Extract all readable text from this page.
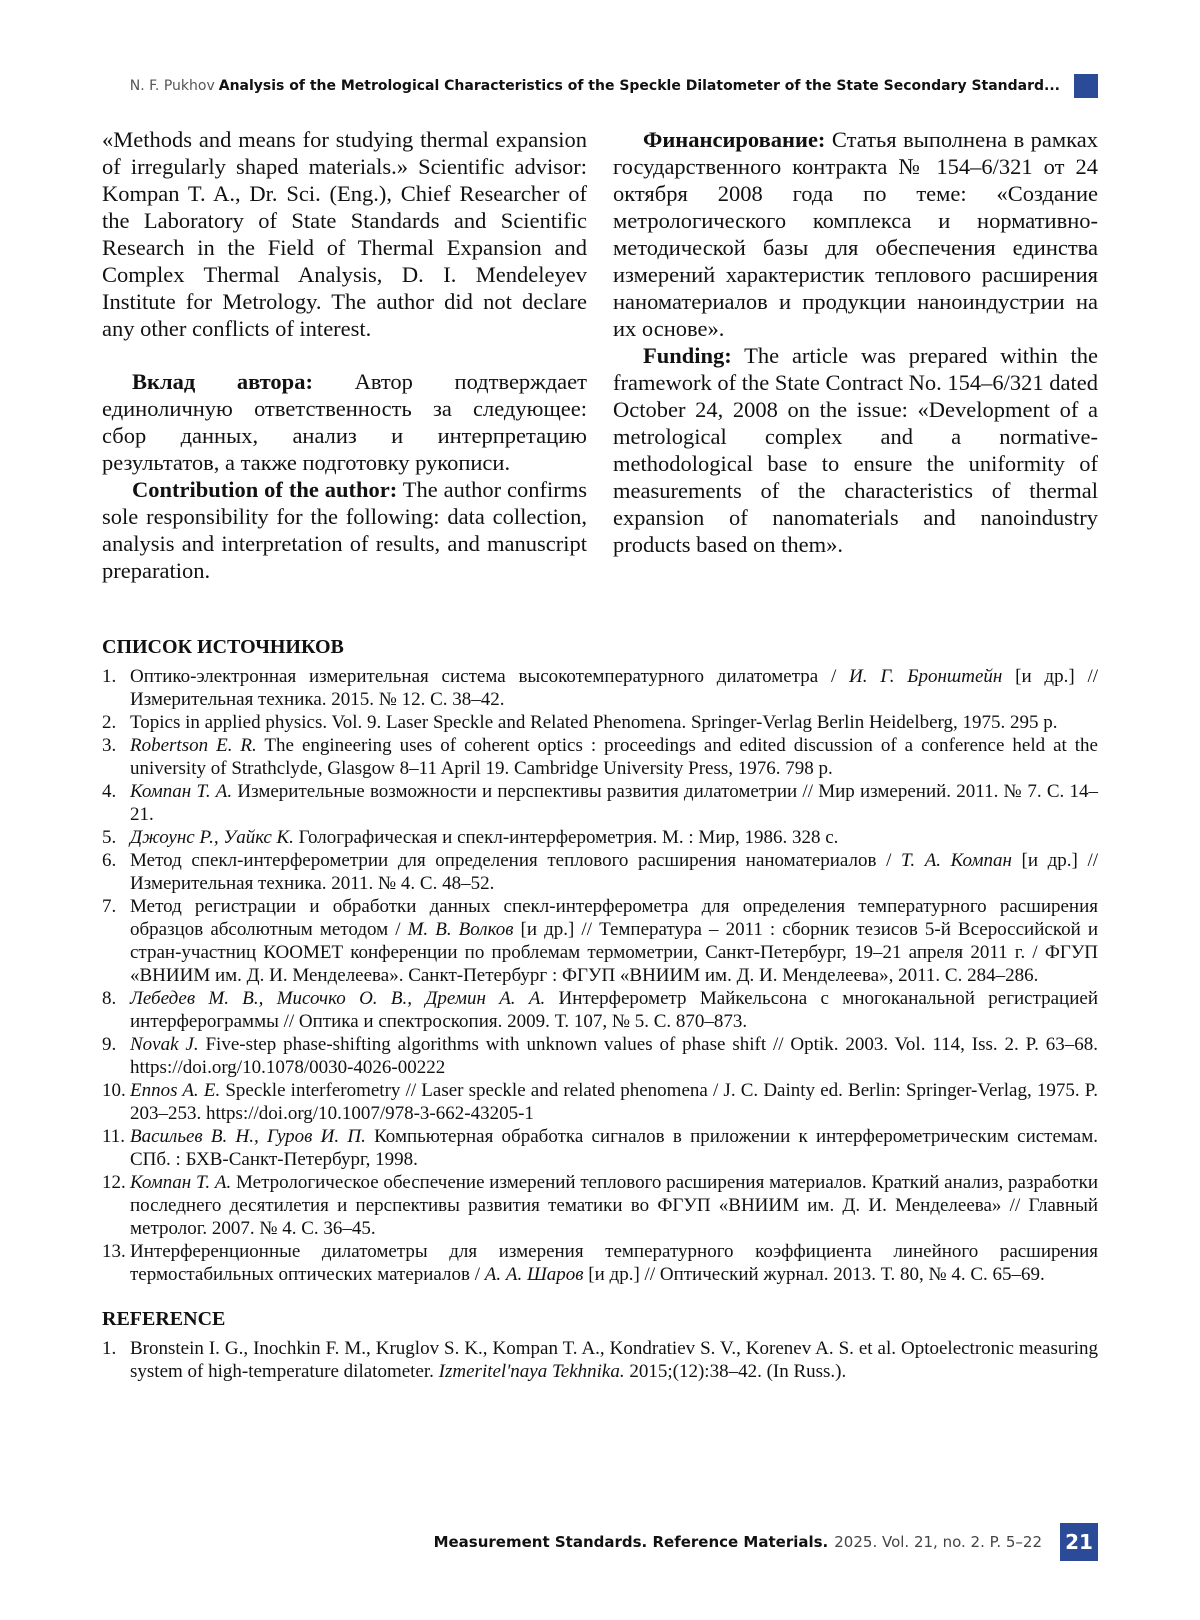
N. F. Pukhov Analysis of the Metrological Characteristics of the Speckle Dilatometer of the State Secondary Standard...

«Methods and means for studying thermal expansion of irregularly shaped materials.» Scientific advisor: Kompan T. A., Dr. Sci. (Eng.), Chief Researcher of the Laboratory of State Standards and Scientific Research in the Field of Thermal Expansion and Complex Thermal Analysis, D. I. Mendeleyev Institute for Metrology. The author did not declare any other conflicts of interest.

Вклад автора: Автор подтверждает единоличную ответственность за следующее: сбор данных, анализ и интерпретацию результатов, а также подготовку рукописи.

Contribution of the author: The author confirms sole responsibility for the following: data collection, analysis and interpretation of results, and manuscript preparation.

Финансирование: Статья выполнена в рамках государственного контракта № 154–6/321 от 24 октября 2008 года по теме: «Создание метрологического комплекса и нормативно-методической базы для обеспечения единства измерений характеристик теплового расширения наноматериалов и продукции наноиндустрии на их основе».

Funding: The article was prepared within the framework of the State Contract No. 154–6/321 dated October 24, 2008 on the issue: «Development of a metrological complex and a normative-methodological base to ensure the uniformity of measurements of the characteristics of thermal expansion of nanomaterials and nanoindustry products based on them».

СПИСОК ИСТОЧНИКОВ
1. Оптико-электронная измерительная система высокотемпературного дилатометра / И. Г. Бронштейн [и др.] // Измерительная техника. 2015. № 12. С. 38–42.
2. Topics in applied physics. Vol. 9. Laser Speckle and Related Phenomena. Springer-Verlag Berlin Heidelberg, 1975. 295 p.
3. Robertson E. R. The engineering uses of coherent optics : proceedings and edited discussion of a conference held at the university of Strathclyde, Glasgow 8–11 April 19. Cambridge University Press, 1976. 798 p.
4. Компан Т. А. Измерительные возможности и перспективы развития дилатометрии // Мир измерений. 2011. № 7. С. 14–21.
5. Джоунс Р., Уайкс К. Голографическая и спекл-интерферометрия. М. : Мир, 1986. 328 с.
6. Метод спекл-интерферометрии для определения теплового расширения наноматериалов / Т. А. Компан [и др.] // Измерительная техника. 2011. № 4. С. 48–52.
7. Метод регистрации и обработки данных спекл-интерферометра для определения температурного расширения образцов абсолютным методом / М. В. Волков [и др.] // Температура – 2011 : сборник тезисов 5-й Всероссийской и стран-участниц КООМЕТ конференции по проблемам термометрии, Санкт-Петербург, 19–21 апреля 2011 г. / ФГУП «ВНИИМ им. Д. И. Менделеева». Санкт-Петербург : ФГУП «ВНИИМ им. Д. И. Менделеева», 2011. С. 284–286.
8. Лебедев М. В., Мисочко О. В., Дремин А. А. Интерферометр Майкельсона с многоканальной регистрацией интерферограммы // Оптика и спектроскопия. 2009. Т. 107, № 5. С. 870–873.
9. Novak J. Five-step phase-shifting algorithms with unknown values of phase shift // Optik. 2003. Vol. 114, Iss. 2. P. 63–68. https://doi.org/10.1078/0030-4026-00222
10. Ennos A. E. Speckle interferometry // Laser speckle and related phenomena / J. C. Dainty ed. Berlin: Springer-Verlag, 1975. P. 203–253. https://doi.org/10.1007/978-3-662-43205-1
11. Васильев В. Н., Гуров И. П. Компьютерная обработка сигналов в приложении к интерферометрическим системам. СПб. : БХВ-Санкт-Петербург, 1998.
12. Компан Т. А. Метрологическое обеспечение измерений теплового расширения материалов. Краткий анализ, разработки последнего десятилетия и перспективы развития тематики во ФГУП «ВНИИМ им. Д. И. Менделеева» // Главный метролог. 2007. № 4. С. 36–45.
13. Интерференционные дилатометры для измерения температурного коэффициента линейного расширения термостабильных оптических материалов / А. А. Шаров [и др.] // Оптический журнал. 2013. Т. 80, № 4. С. 65–69.
REFERENCE
1. Bronstein I. G., Inochkin F. M., Kruglov S. K., Kompan T. A., Kondratiev S. V., Korenev A. S. et al. Optoelectronic measuring system of high-temperature dilatometer. Izmeritel'naya Tekhnika. 2015;(12):38–42. (In Russ.).
Measurement Standards. Reference Materials. 2025. Vol. 21, no. 2. P. 5–22 21
